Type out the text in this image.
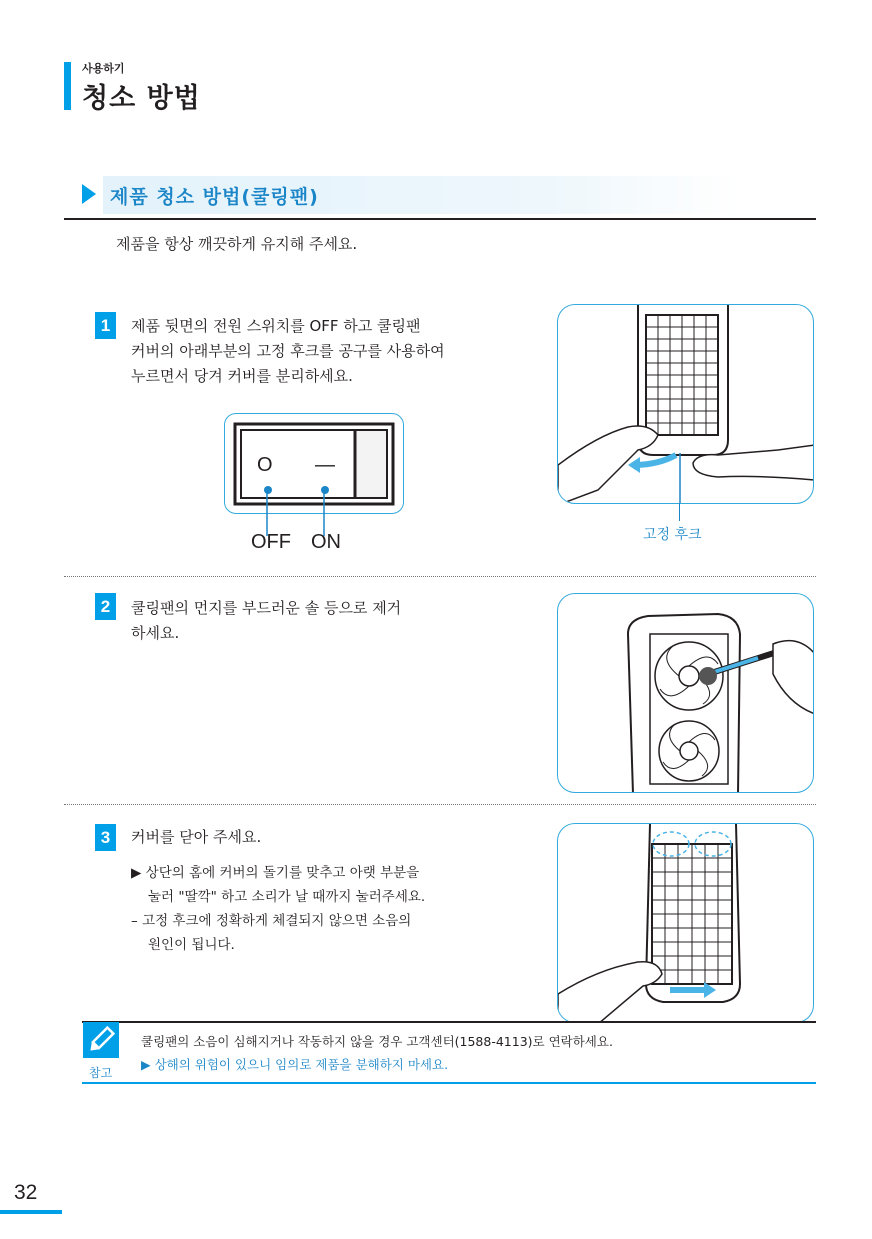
사용하기
청소 방법
제품 청소 방법(쿨링팬)
제품을 항상 깨끗하게 유지해 주세요.
1	제품 뒷면의 전원 스위치를 OFF 하고 쿨링팬
커버의 아래부분의 고정 후크를 공구를 사용하여
누르면서 당겨 커버를 분리하세요.
O —
OFF ON	고정 후크
2	쿨링팬의 먼지를 부드러운 솔 등으로 제거
하세요.
3	커버를 닫아 주세요.
▶ 상단의 홈에 커버의 돌기를 맞추고 아랫 부분을
눌러 "딸깍" 하고 소리가 날 때까지 눌러주세요.
– 고정 후크에 정확하게 체결되지 않으면 소음의
원인이 됩니다.
참고
쿨링팬의 소음이 심해지거나 작동하지 않을 경우 고객센터(1588-4113)로 연락하세요.
▶ 상해의 위험이 있으니 임의로 제품을 분해하지 마세요.
32
